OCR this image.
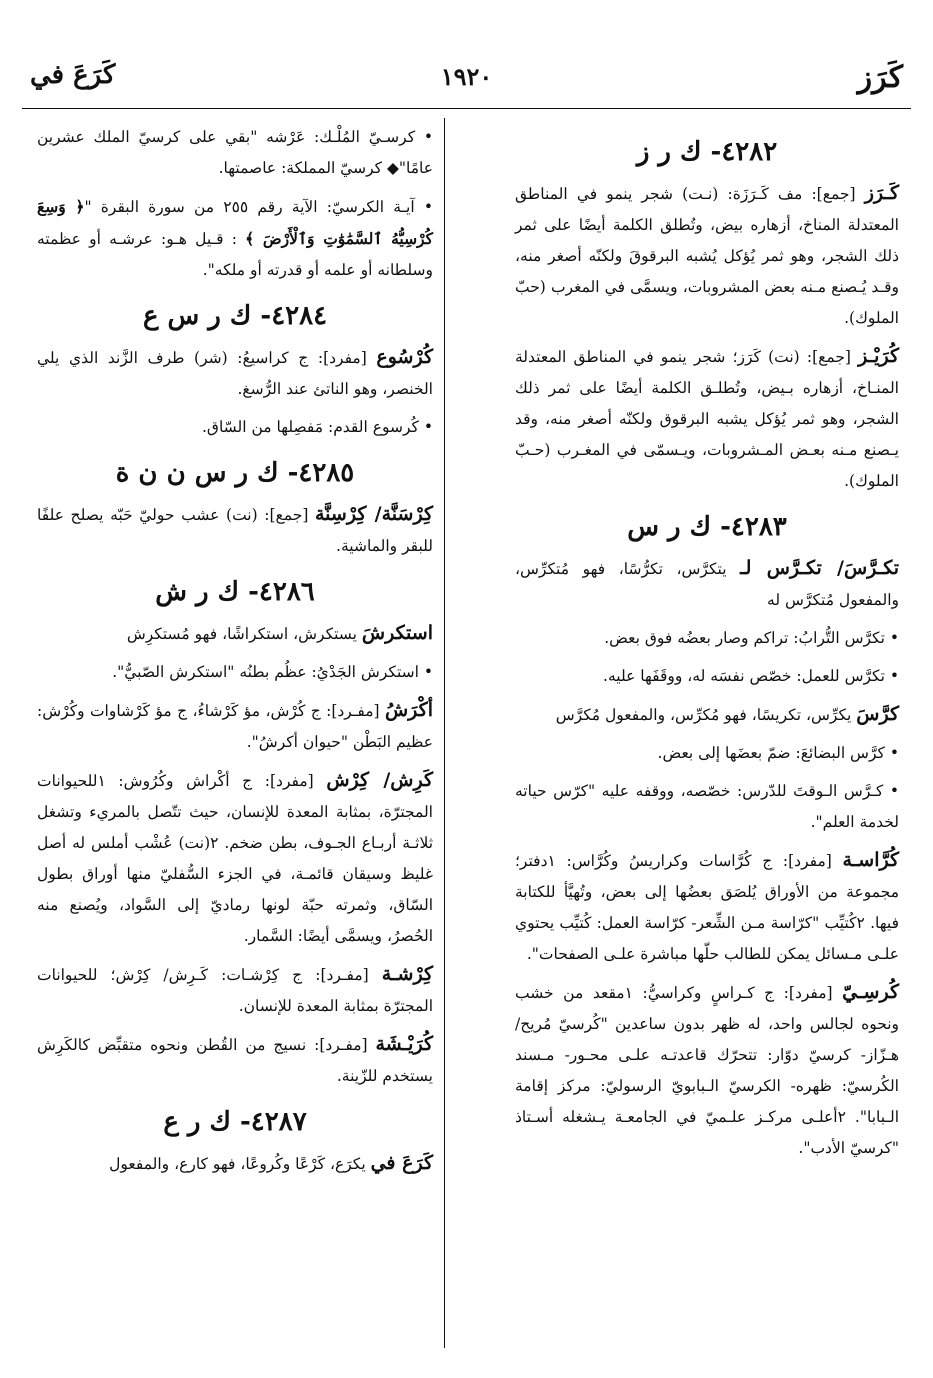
كَرَز
١٩٢٠
كَرَعَ في
٤٢٨٢- ك ر ز

كَـرَز [جمع]: مف كَـرَزَة: (نـت) شجر ينمو في المناطق المعتدلة المناخ، أزهاره بيض، وتُطلق الكلمة أيضًا على ثمر ذلك الشجر، وهو ثمر يُؤكل يُشبه البرقوقَ ولكنّه أصغر منه، وقـد يُـصنع مـنه بعض المشروبات، ويسمَّى في المغرب (حبّ الملوك).

كُرَيْـز [جمع]: (نت) كَرَز؛ شجر ينمو في المناطق المعتدلة المنـاخ، أزهاره بـيض، وتُطلـق الكلمة أيضًا على ثمر ذلك الشجر، وهو ثمر يُؤكل يشبه البرقوق ولكنّه أصغر منه، وقد يـصنع مـنه بعـض المـشروبات، ويـسمّى في المغـرب (حـبّ الملوك).

٤٢٨٣- ك ر س

تكـرَّسَ/ تكـرَّس لـ يتكرَّس، تكرُّسًا، فهو مُتكرِّس، والمفعول مُتكرَّس له

• تكرَّس التُّرابُ: تراكم وصار بعضُه فوق بعض.

• تكرَّس للعمل: خصّص نفسَه له، ووقَفَها عليه.

كرَّسَ يكرِّس، تكريسًا، فهو مُكرِّس، والمفعول مُكرَّس

• كرَّس البضائعَ: ضمّ بعضَها إلى بعض.

• كـرَّس الـوقتَ للدّرس: خصّصه، ووقفه عليه "كرّس حياته لخدمة العلم".

كُرَّاسـة [مفرد]: ج كُرَّاسات وكراريسُ وكُرَّاس: ١دفتر؛ مجموعة من الأوراق يُلصَق بعضُها إلى بعض، وتُهيَّأ للكتابة فيها. ٢كُتيِّب "كرّاسة مـن الشِّعر- كرّاسة العمل: كُتيِّب يحتوي علـى مـسائل يمكن للطالب حلّها مباشرة علـى الصفحات".

كُرسِـيّ [مفرد]: ج كـراسٍ وكراسيُّ: ١مقعد من خشب ونحوه لجالس واحد، له ظهر بدون ساعدين "كُرسيّ مُريح/ هـزّاز- كرسيّ دوّار: تتحرّك قاعدتـه علـى محـور- مـسند الكُرسيّ: ظهره- الكرسيّ الـبابويّ الرسوليّ: مركز إقامة الـبابا". ٢أعلـى مركـز علـميّ في الجامعـة يـشغله أسـتاذ "كرسيّ الأدب".

• كرسـيّ المُلْـك: عَرْشه "بقي على كرسيّ الملك عشرين عامًا"◆ كرسيّ المملكة: عاصمتها.

• آيـة الكرسيّ: الآية رقم ٢٥٥ من سورة البقرة "﴿ وَسِعَ كُرْسِيُّهُ ٱلسَّمَٰوَٰتِ وَٱلْأَرْضَ ﴾ : قـيل هـو: عرشـه أو عظمته وسلطانه أو علمه أو قدرته أو ملكه".

٤٢٨٤- ك ر س ع

كُرْسُوع [مفرد]: ج كراسيعُ: (شر) طرف الزَّند الذي يلي الخنصر، وهو الناتئ عند الرُّسغ.

• كُرسوع القدم: مَفصِلها من السّاق.

٤٢٨٥- ك ر س ن ن ة

كِرْسَنَّة/ كِرْسِنَّة [جمع]: (نت) عشب حوليّ حَبّه يصلح علفًا للبقر والماشية.

٤٢٨٦- ك ر ش

استكرشَ يستكرش، استكراشًا، فهو مُستكرِش

• استكرش الجَدْيُ: عظُم بطنُه "استكرش الصّبيُّ".

أكْرَشُ [مفـرد]: ج كُرْش، مؤ كَرْشاءُ، ج مؤ كَرْشاوات وكُرْش: عظيم البَطْن "حيوان أكرشُ".

كَرِش/ كِرْش [مفرد]: ج أكْراش وكُرُوش: ١للحيوانات المجترّة، بمثابة المعدة للإنسان، حيث تتّصل بالمريء وتشغل ثلاثـة أربـاع الجـوف، بطن ضخم. ٢(نت) عُشْب أملس له أصل غليظ وسيقان قائمـة، في الجزء السُّفليّ منها أوراق بطول السّاق، وثمرته حبّة لونها رماديّ إلى السَّواد، ويُصنع منه الحُصرُ، ويسمَّى أيضًا: السَّمار.

كِرْشـة [مفـرد]: ج كِرْشـات: كَـرِش/ كِرْش؛ للحيوانات المجترّة بمثابة المعدة للإنسان.

كُرَيْـشَة [مفـرد]: نسيج من القُطن ونحوه متقبِّض كالكَرِش يستخدم للزّينة.

٤٢٨٧- ك ر ع

كَرَعَ في يكرَع، كَرْعًا وكُروعًا، فهو كارع، والمفعول
